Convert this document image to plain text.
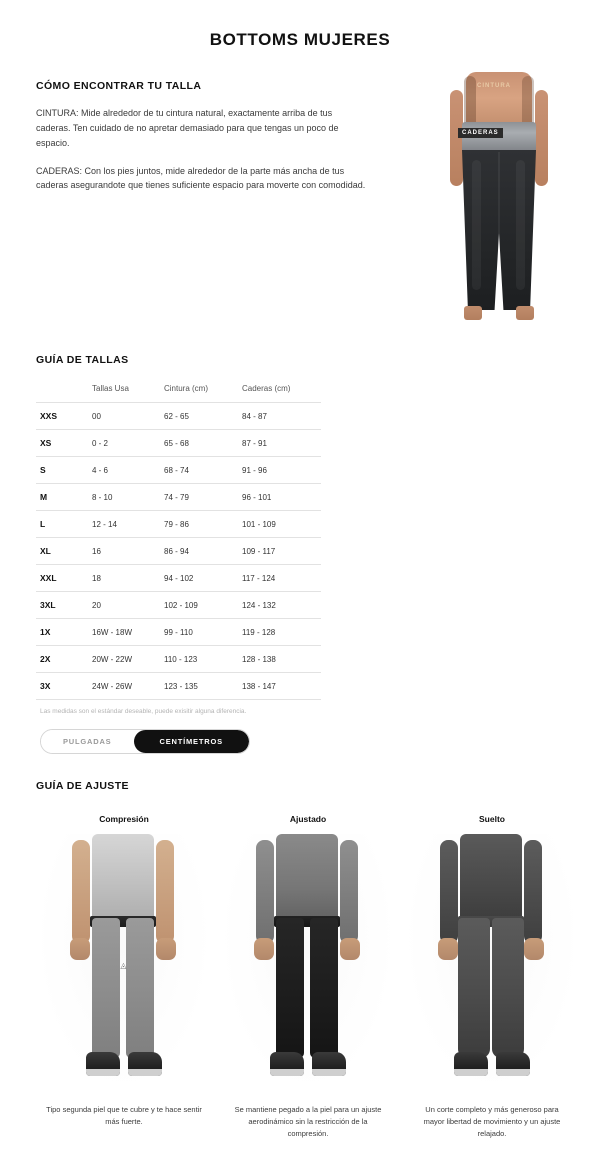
BOTTOMS MUJERES
CÓMO ENCONTRAR TU TALLA

CINTURA: Mide alrededor de tu cintura natural, exactamente arriba de tus caderas. Ten cuidado de no apretar demasiado para que tengas un poco de espacio.

CADERAS: Con los pies juntos, mide alrededor de la parte más ancha de tus caderas asegurandote que tienes suficiente espacio para moverte con comodidad.

CINTURA
CADERAS
GUÍA DE TALLAS
	Tallas Usa	Cintura (cm)	Caderas (cm)
XXS	00	62 - 65	84 - 87
XS	0 - 2	65 - 68	87 - 91
S	4 - 6	68 - 74	91 - 96
M	8 - 10	74 - 79	96 - 101
L	12 - 14	79 - 86	101 - 109
XL	16	86 - 94	109 - 117
XXL	18	94 - 102	117 - 124
3XL	20	102 - 109	124 - 132
1X	16W - 18W	99 - 110	119 - 128
2X	20W - 22W	110 - 123	128 - 138
3X	24W - 26W	123 - 135	138 - 147
Las medidas son el estándar deseable, puede exisitir alguna diferencia.
PULGADAS	CENTÍMETROS
GUÍA DE AJUSTE
Compresión
◬
Tipo segunda piel que te cubre y te hace sentir más fuerte.
Ajustado
Se mantiene pegado a la piel para un ajuste aerodinámico sin la restricción de la compresión.
Suelto
Un corte completo y más generoso para mayor libertad de movimiento y un ajuste relajado.
